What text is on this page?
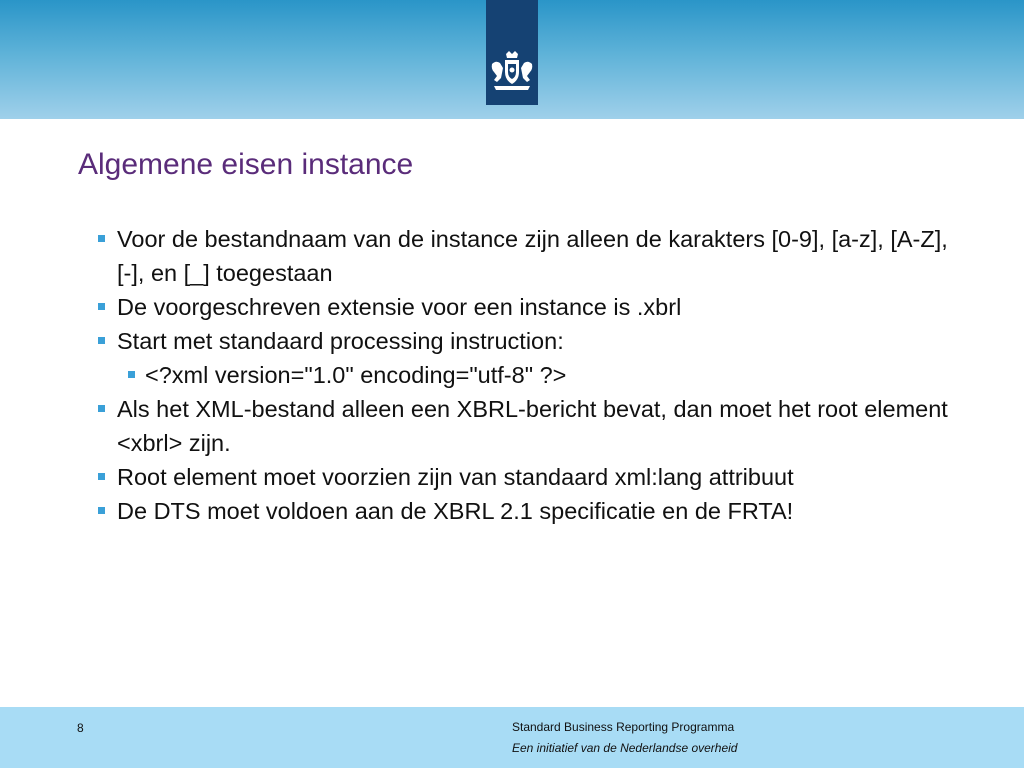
Algemene eisen instance
Voor de bestandnaam van de instance zijn alleen de karakters [0-9], [a-z], [A-Z], [-], en [_] toegestaan
De voorgeschreven extensie voor een instance is .xbrl
Start met standaard processing instruction:
<?xml version="1.0" encoding="utf-8" ?>
Als het XML-bestand alleen een XBRL-bericht bevat, dan moet het root element <xbrl> zijn.
Root element moet voorzien zijn van standaard xml:lang attribuut
De DTS moet voldoen aan de XBRL 2.1 specificatie en de FRTA!
8	Standard Business Reporting Programma
Een initiatief van de Nederlandse overheid
